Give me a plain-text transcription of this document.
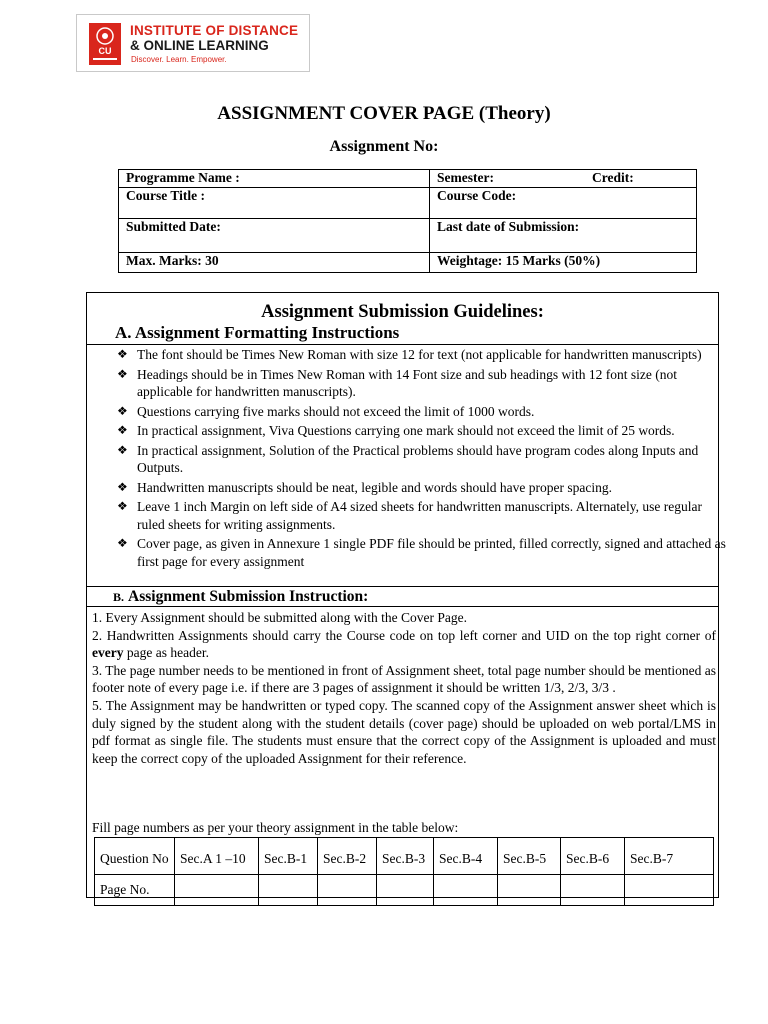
CU
INSTITUTE OF DISTANCE
& ONLINE LEARNING
Discover. Learn. Empower.
ASSIGNMENT COVER PAGE (Theory)
Assignment No:
Programme Name :	Semester: Credit:
Course Title :	Course Code:
Submitted Date:	Last date of Submission:
Max. Marks: 30	Weightage: 15 Marks (50%)
Assignment Submission Guidelines:
A. Assignment Formatting Instructions
❖ The font should be Times New Roman with size 12 for text (not applicable for handwritten manuscripts)
❖ Headings should be in Times New Roman with 14 Font size and sub headings with 12 font size (not applicable for handwritten manuscripts).
❖ Questions carrying five marks should not exceed the limit of 1000 words.
❖ In practical assignment, Viva Questions carrying one mark should not exceed the limit of 25 words.
❖ In practical assignment, Solution of the Practical problems should have program codes along Inputs and Outputs.
❖ Handwritten manuscripts should be neat, legible and words should have proper spacing.
❖ Leave 1 inch Margin on left side of A4 sized sheets for handwritten manuscripts. Alternately, use regular ruled sheets for writing assignments.
❖ Cover page, as given in Annexure 1 single PDF file should be printed, filled correctly, signed and attached as first page for every assignment
B. Assignment Submission Instruction:

1. Every Assignment should be submitted along with the Cover Page.

2. Handwritten Assignments should carry the Course code on top left corner and UID on the top right corner of every page as header.

3. The page number needs to be mentioned in front of Assignment sheet, total page number should be mentioned as footer note of every page i.e. if there are 3 pages of assignment it should be written 1/3, 2/3, 3/3 .

5. The Assignment may be handwritten or typed copy. The scanned copy of the Assignment answer sheet which is duly signed by the student along with the student details (cover page) should be uploaded on web portal/LMS in pdf format as single file. The students must ensure that the correct copy of the Assignment is uploaded and must keep the correct copy of the uploaded Assignment for their reference.

Fill page numbers as per your theory assignment in the table below:
Question No	Sec.A 1 –10	Sec.B-1	Sec.B-2	Sec.B-3	Sec.B-4	Sec.B-5	Sec.B-6	Sec.B-7
Page No.								
